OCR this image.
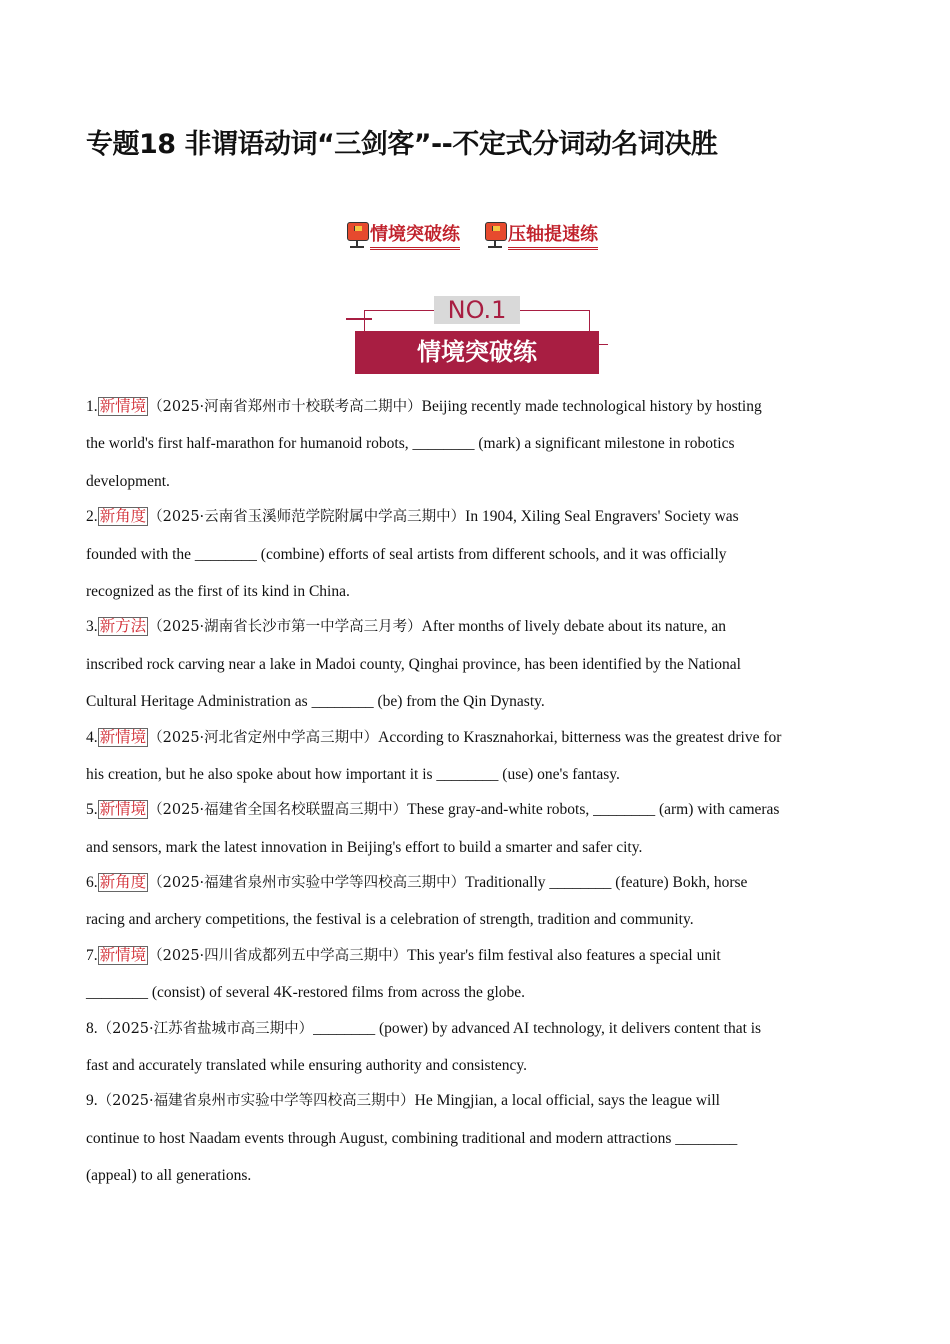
专题18 非谓语动词“三剑客”--不定式分词动名词决胜
情境突破练	压轴提速练
NO.1
情境突破练
1. 新情境 （2025·河南省郑州市十校联考高二期中）Beijing recently made technological history by hosting
the world's first half-marathon for humanoid robots, ________ (mark) a significant milestone in robotics
development.
2. 新角度 （2025·云南省玉溪师范学院附属中学高三期中）In 1904, Xiling Seal Engravers' Society was
founded with the ________ (combine) efforts of seal artists from different schools, and it was officially
recognized as the first of its kind in China.
3. 新方法 （2025·湖南省长沙市第一中学高三月考）After months of lively debate about its nature, an
inscribed rock carving near a lake in Madoi county, Qinghai province, has been identified by the National
Cultural Heritage Administration as ________ (be) from the Qin Dynasty.
4. 新情境 （2025·河北省定州中学高三期中）According to Krasznahorkai, bitterness was the greatest drive for
his creation, but he also spoke about how important it is ________ (use) one's fantasy.
5. 新情境 （2025·福建省全国名校联盟高三期中）These gray-and-white robots, ________ (arm) with cameras
and sensors, mark the latest innovation in Beijing's effort to build a smarter and safer city.
6. 新角度 （2025·福建省泉州市实验中学等四校高三期中）Traditionally ________ (feature) Bokh, horse
racing and archery competitions, the festival is a celebration of strength, tradition and community.
7. 新情境 （2025·四川省成都列五中学高三期中）This year's film festival also features a special unit
________ (consist) of several 4K-restored films from across the globe.
8.（2025·江苏省盐城市高三期中）________ (power) by advanced AI technology, it delivers content that is
fast and accurately translated while ensuring authority and consistency.
9.（2025·福建省泉州市实验中学等四校高三期中）He Mingjian, a local official, says the league will
continue to host Naadam events through August, combining traditional and modern attractions ________
(appeal) to all generations.
